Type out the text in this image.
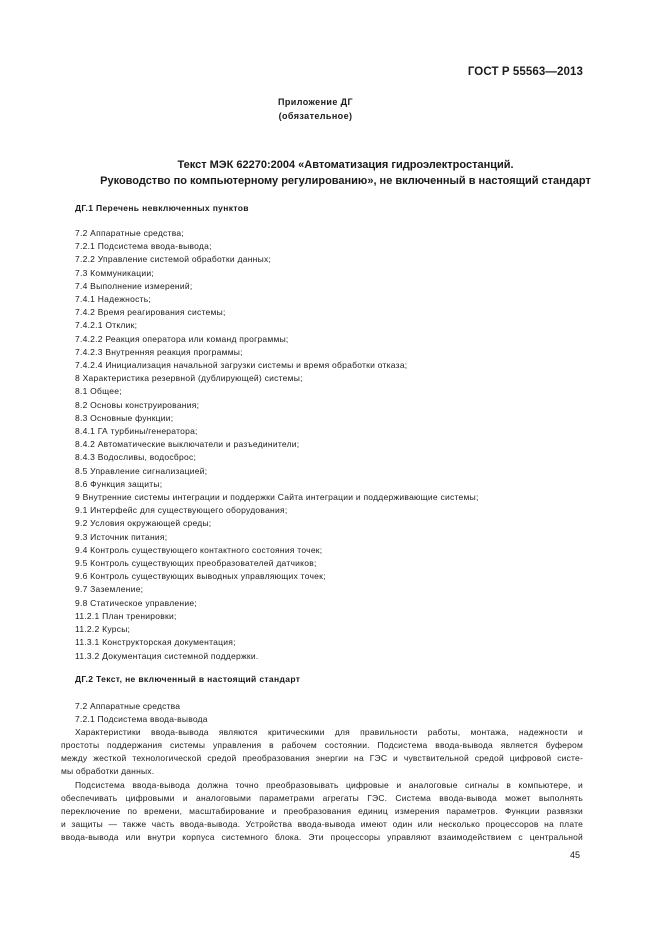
ГОСТ Р 55563—2013
Приложение ДГ
(обязательное)
Текст МЭК 62270:2004 «Автоматизация гидроэлектростанций.
Руководство по компьютерному регулированию», не включенный в настоящий стандарт
ДГ.1 Перечень невключенных пунктов
7.2 Аппаратные средства;
7.2.1 Подсистема ввода-вывода;
7.2.2 Управление системой обработки данных;
7.3 Коммуникации;
7.4 Выполнение измерений;
7.4.1 Надежность;
7.4.2 Время реагирования системы;
7.4.2.1 Отклик;
7.4.2.2 Реакция оператора или команд программы;
7.4.2.3 Внутренняя реакция программы;
7.4.2.4 Инициализация начальной загрузки системы и время обработки отказа;
8 Характеристика резервной (дублирующей) системы;
8.1 Общее;
8.2 Основы конструирования;
8.3 Основные функции;
8.4.1 ГА турбины/генератора;
8.4.2 Автоматические выключатели и разъединители;
8.4.3 Водосливы, водосброс;
8.5 Управление сигнализацией;
8.6 Функция защиты;
9 Внутренние системы интеграции и поддержки Сайта интеграции и поддерживающие системы;
9.1 Интерфейс для существующего оборудования;
9.2 Условия окружающей среды;
9.3 Источник питания;
9.4 Контроль существующего контактного состояния точек;
9.5 Контроль существующих преобразователей датчиков;
9.6 Контроль существующих выводных управляющих точек;
9.7 Заземление;
9.8 Статическое управление;
11.2.1 План тренировки;
11.2.2 Курсы;
11.3.1 Конструкторская документация;
11.3.2 Документация системной поддержки.
ДГ.2 Текст, не включенный в настоящий стандарт
7.2 Аппаратные средства
7.2.1 Подсистема ввода-вывода

Характеристики ввода-вывода являются критическими для правильности работы, монтажа, надежности и

простоты поддержания системы управления в рабочем состоянии. Подсистема ввода-вывода является буфером

между жесткой технологической средой преобразования энергии на ГЭС и чувствительной средой цифровой систе-

мы обработки данных.

Подсистема ввода-вывода должна точно преобразовывать цифровые и аналоговые сигналы в компьютере, и

обеспечивать цифровыми и аналоговыми параметрами агрегаты ГЭС. Система ввода-вывода может выполнять

переключение по времени, масштабирование и преобразования единиц измерения параметров. Функции развязки

и защиты — также часть ввода-вывода. Устройства ввода-вывода имеют один или несколько процессоров на плате

ввода-вывода или внутри корпуса системного блока. Эти процессоры управляют взаимодействием с центральной

45
